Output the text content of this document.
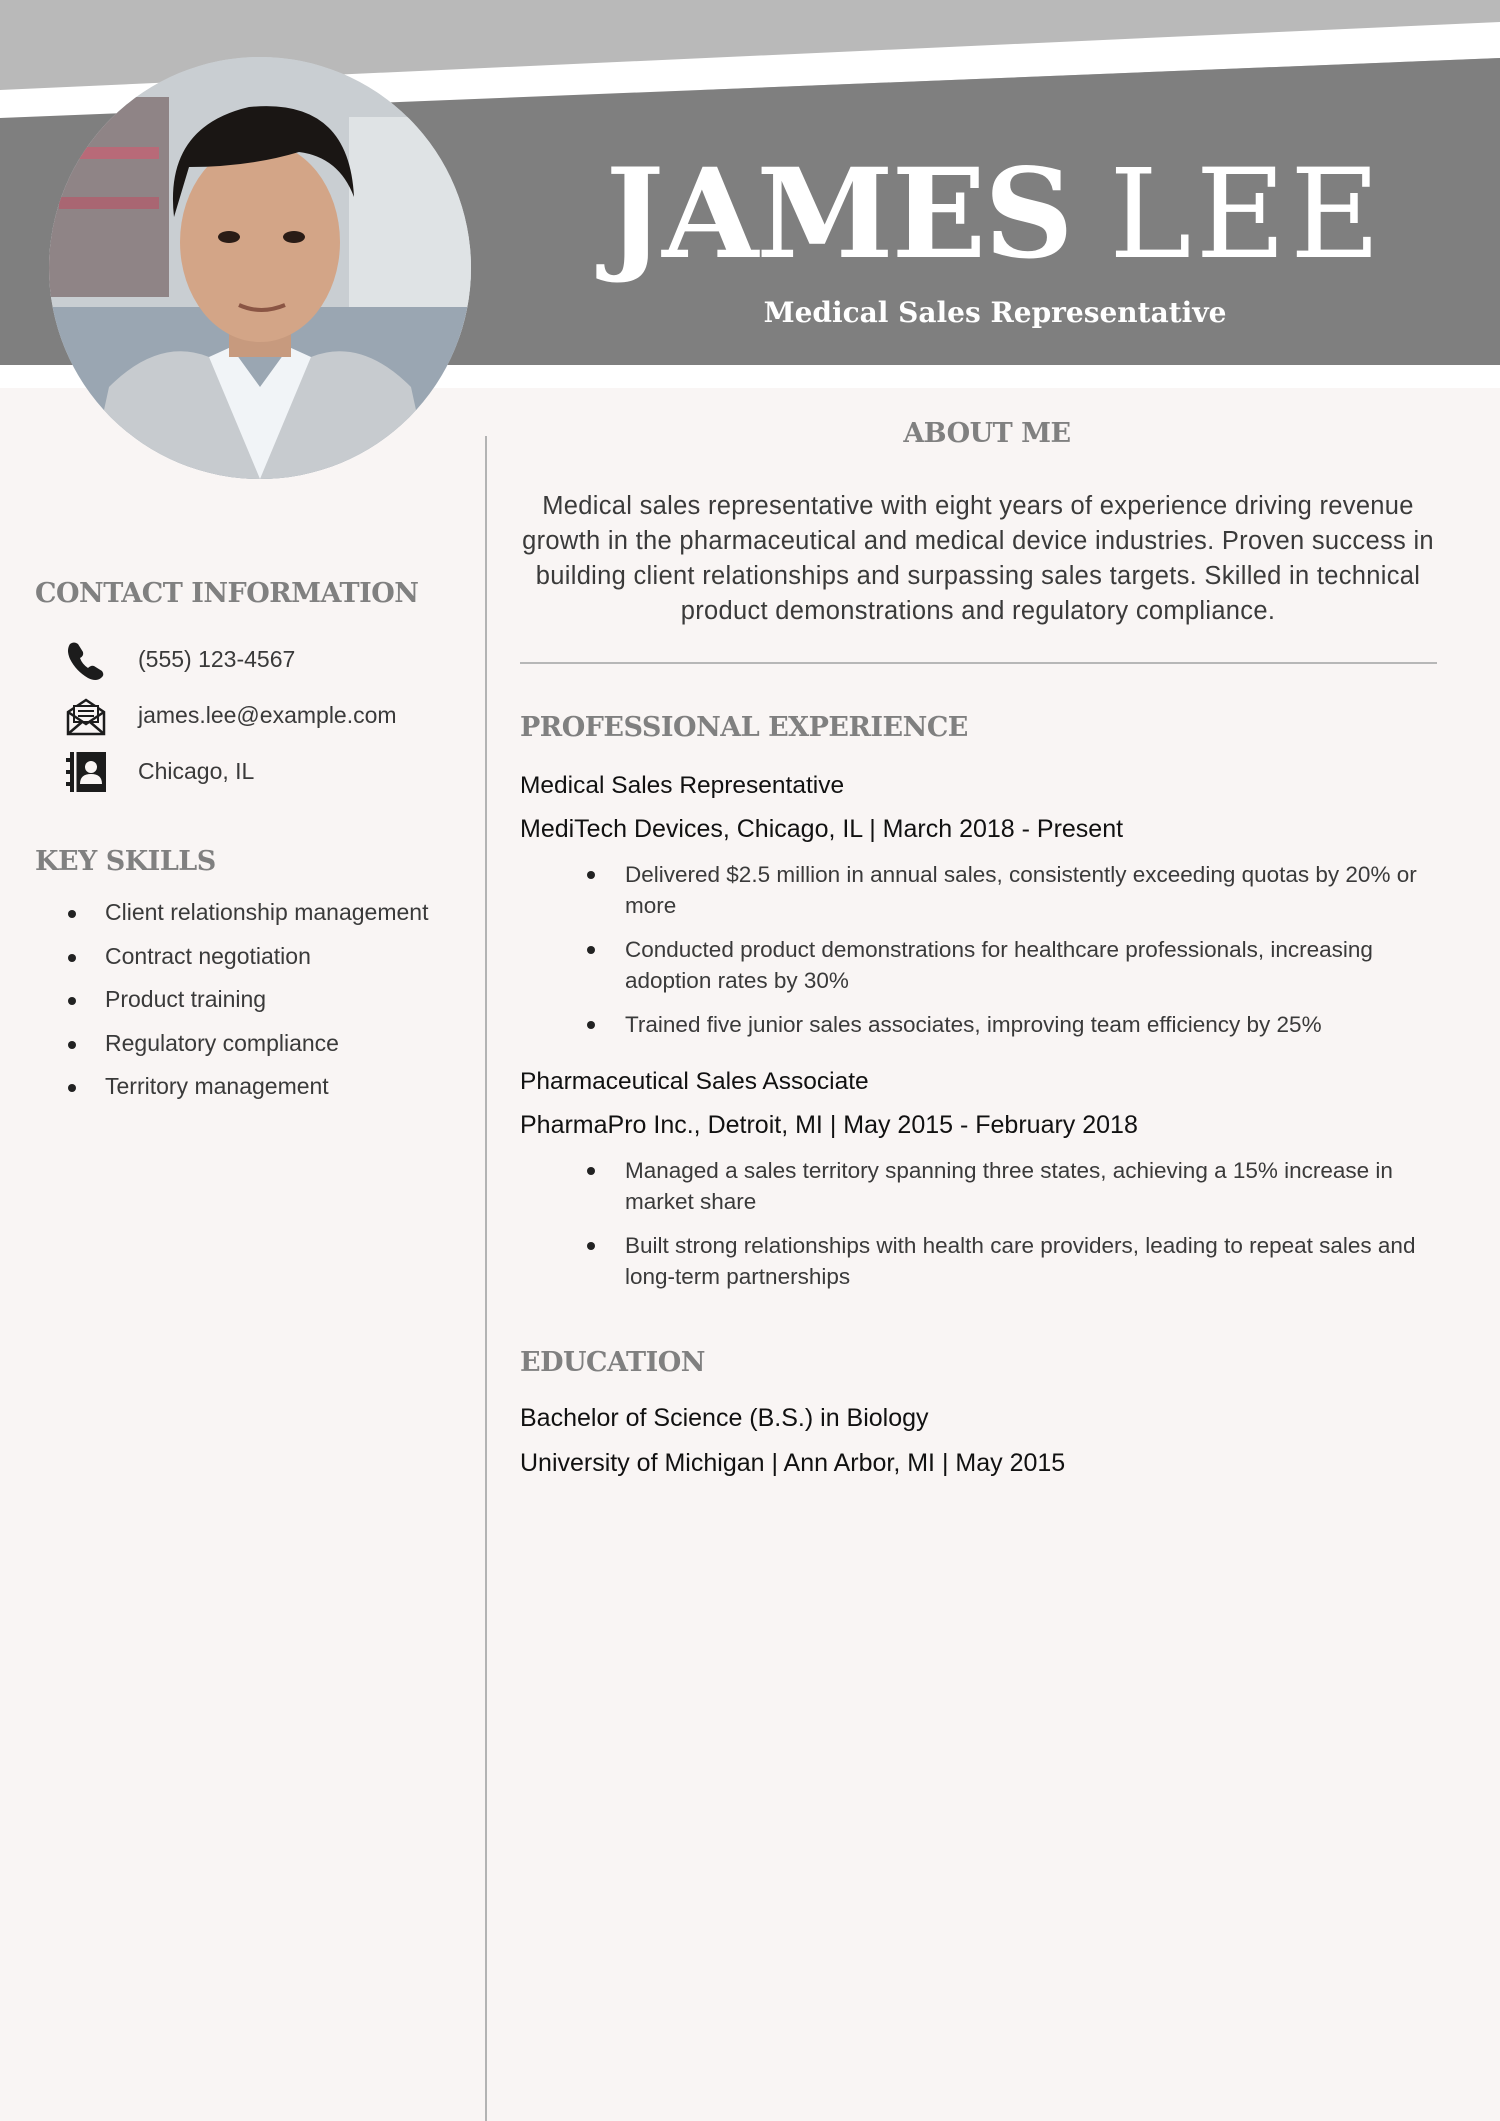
JAMES LEE
Medical Sales Representative
ABOUT ME
Medical sales representative with eight years of experience driving revenue growth in the pharmaceutical and medical device industries. Proven success in building client relationships and surpassing sales targets. Skilled in technical product demonstrations and regulatory compliance.
CONTACT INFORMATION
(555) 123-4567
james.lee@example.com
Chicago, IL
KEY SKILLS
Client relationship management
Contract negotiation
Product training
Regulatory compliance
Territory management
PROFESSIONAL EXPERIENCE
Medical Sales Representative
MediTech Devices, Chicago, IL | March 2018 - Present
Delivered $2.5 million in annual sales, consistently exceeding quotas by 20% or more
Conducted product demonstrations for healthcare professionals, increasing adoption rates by 30%
Trained five junior sales associates, improving team efficiency by 25%
Pharmaceutical Sales Associate
PharmaPro Inc., Detroit, MI | May 2015 - February 2018
Managed a sales territory spanning three states, achieving a 15% increase in market share
Built strong relationships with health care providers, leading to repeat sales and long-term partnerships
EDUCATION
Bachelor of Science (B.S.) in Biology
University of Michigan | Ann Arbor, MI | May 2015
